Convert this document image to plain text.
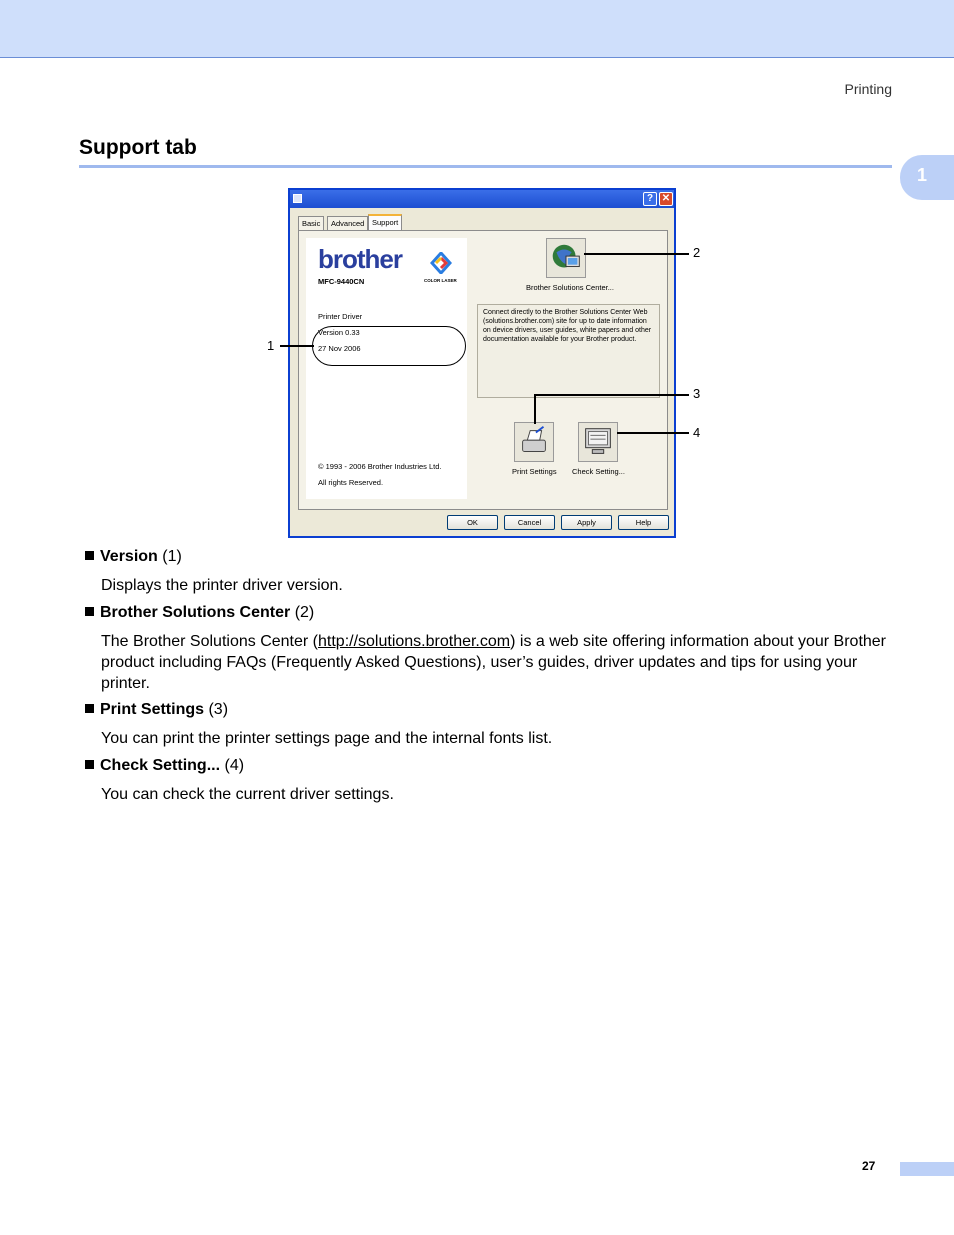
Printing
1
Support tab

?

✕

Basic	Advanced	Support
brother
COLOR LASER
MFC-9440CN
Printer Driver
Version 0.33
27 Nov 2006
© 1993 - 2006 Brother Industries Ltd.
All rights Reserved.
Brother Solutions Center...
Connect directly to the Brother Solutions Center Web (solutions.brother.com) site for up to date information on device drivers, user guides, white papers and other documentation available for your Brother product.
Print Settings Check Setting...
OK	Cancel	Apply	Help
1
2
3
4
Version (1)
Displays the printer driver version.
Brother Solutions Center (2)
The Brother Solutions Center (http://solutions.brother.com) is a web site offering information about your Brother product including FAQs (Frequently Asked Questions), user’s guides, driver updates and tips for using your printer.
Print Settings (3)
You can print the printer settings page and the internal fonts list.
Check Setting... (4)
You can check the current driver settings.
27
